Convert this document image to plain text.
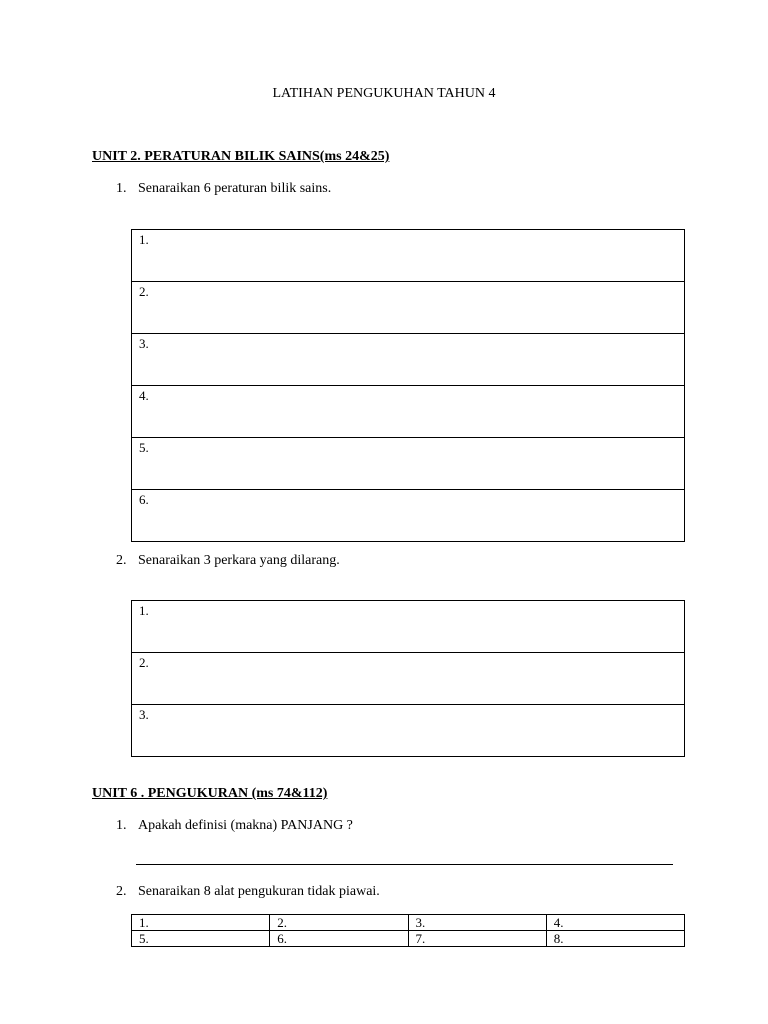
LATIHAN PENGUKUHAN TAHUN 4
UNIT 2. PERATURAN BILIK SAINS(ms 24&25)
1. Senaraikan 6 peraturan bilik sains.
1.
2.
3.
4.
5.
6.
2. Senaraikan 3 perkara yang dilarang.
1.
2.
3.
UNIT 6 . PENGUKURAN (ms 74&112)
1. Apakah definisi (makna) PANJANG ?
2. Senaraikan 8 alat pengukuran tidak piawai.
1.	2.	3.	4.
5.	6.	7.	8.
